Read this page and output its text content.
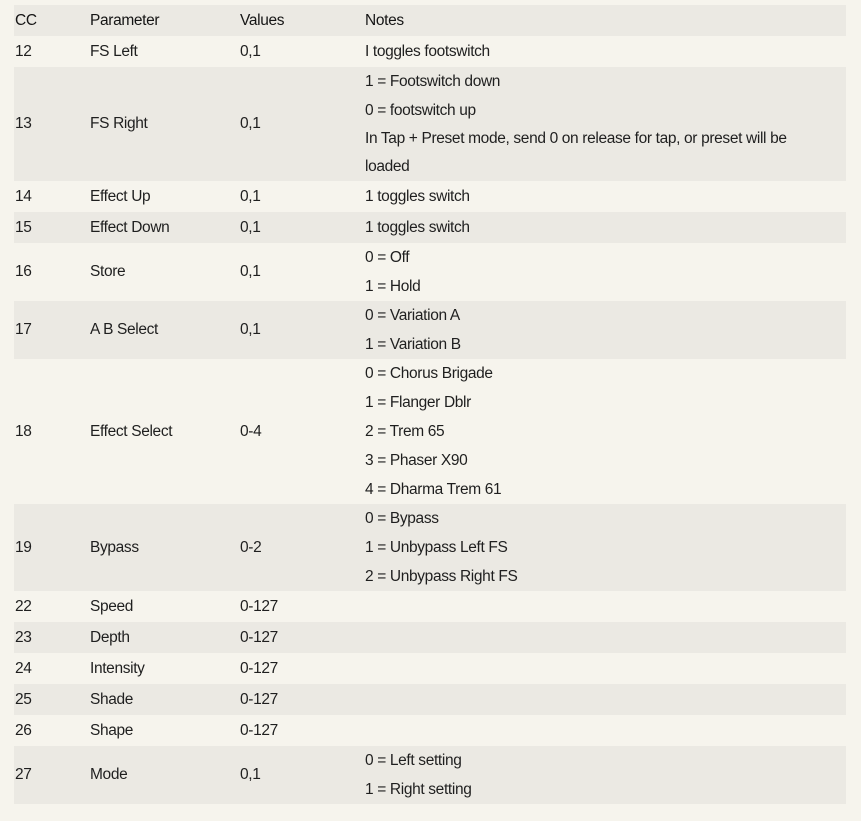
CC	Parameter	Values	Notes
12	FS Left	0,1	I toggles footswitch

13	FS Right	0,1	1 = Footswitch down
0 = footswitch up
In Tap + Preset mode, send 0 on release for tap, or preset will be loaded

14	Effect Up	0,1	1 toggles switch

15	Effect Down	0,1	1 toggles switch

16	Store	0,1	0 = Off
1 = Hold

17	A B Select	0,1	0 = Variation A
1 = Variation B

18	Effect Select	0-4	0 = Chorus Brigade
1 = Flanger Dblr
2 = Trem 65
3 = Phaser X90
4 = Dharma Trem 61

19	Bypass	0-2	0 = Bypass
1 = Unbypass Left FS
2 = Unbypass Right FS

22	Speed	0-127	
23	Depth	0-127	
24	Intensity	0-127	
25	Shade	0-127	
26	Shape	0-127	
27	Mode	0,1	0 = Left setting
1 = Right setting
